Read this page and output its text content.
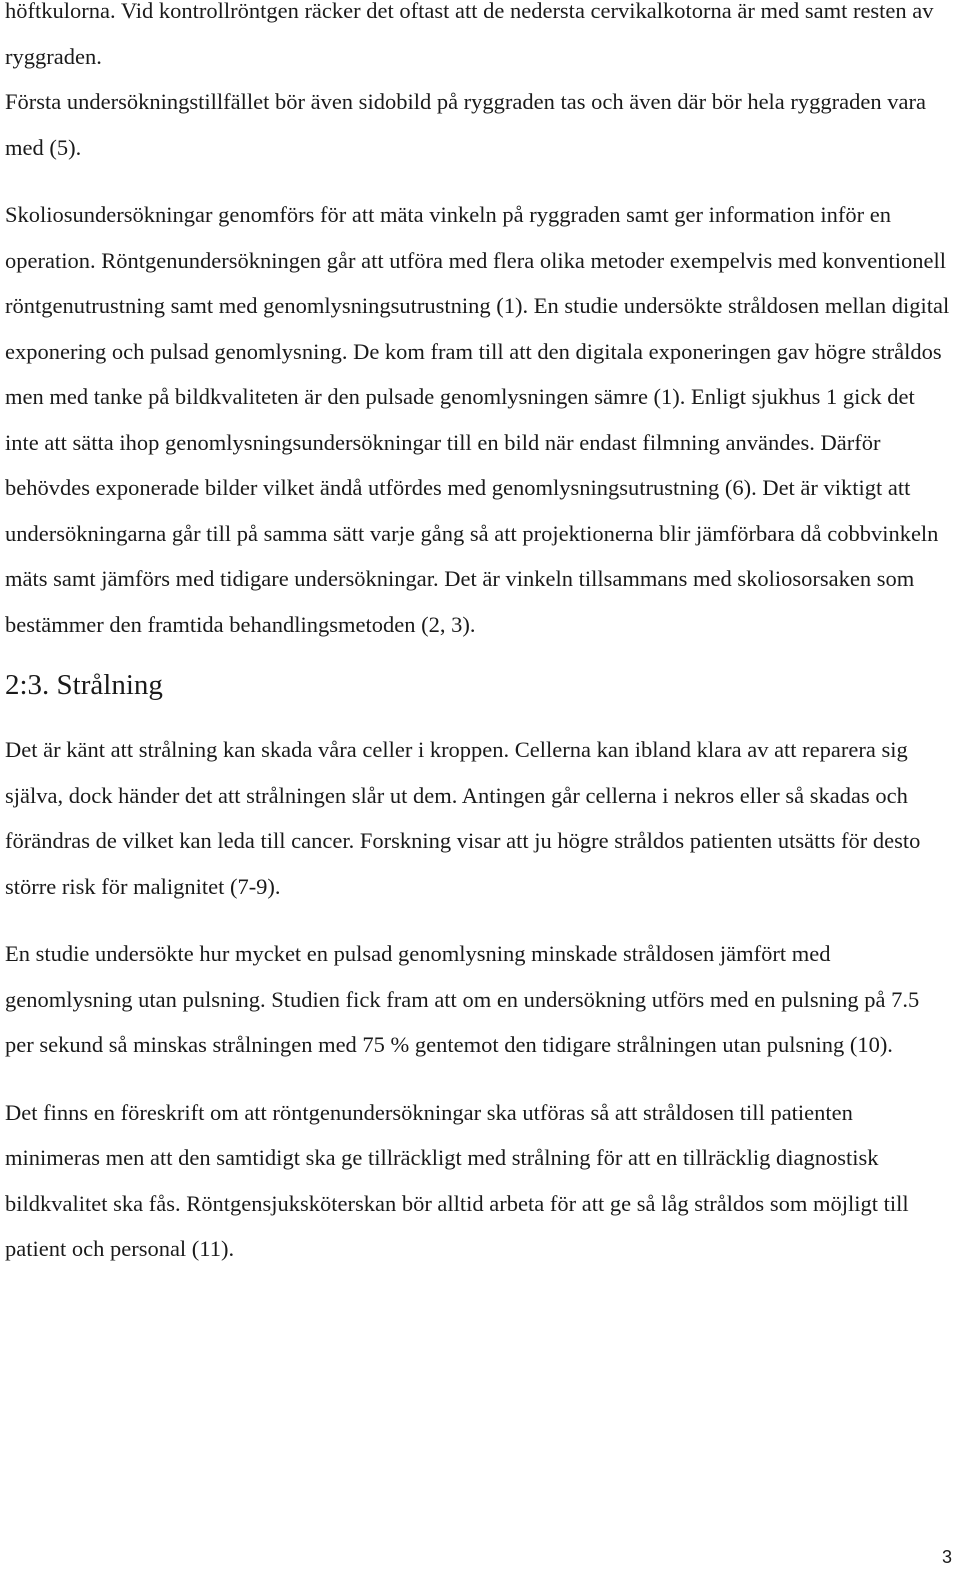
höftkulorna. Vid kontrollröntgen räcker det oftast att de nedersta cervikalkotorna är med samt resten av ryggraden.

Första undersökningstillfället bör även sidobild på ryggraden tas och även där bör hela ryggraden vara med (5).

Skoliosundersökningar genomförs för att mäta vinkeln på ryggraden samt ger information inför en operation. Röntgenundersökningen går att utföra med flera olika metoder exempelvis med konventionell röntgenutrustning samt med genomlysningsutrustning (1). En studie undersökte stråldosen mellan digital exponering och pulsad genomlysning. De kom fram till att den digitala exponeringen gav högre stråldos men med tanke på bildkvaliteten är den pulsade genomlysningen sämre (1). Enligt sjukhus 1 gick det inte att sätta ihop genomlysningsundersökningar till en bild när endast filmning användes. Därför behövdes exponerade bilder vilket ändå utfördes med genomlysningsutrustning (6). Det är viktigt att undersökningarna går till på samma sätt varje gång så att projektionerna blir jämförbara då cobbvinkeln mäts samt jämförs med tidigare undersökningar. Det är vinkeln tillsammans med skoliosorsaken som bestämmer den framtida behandlingsmetoden (2, 3).

2:3. Strålning

Det är känt att strålning kan skada våra celler i kroppen. Cellerna kan ibland klara av att reparera sig själva, dock händer det att strålningen slår ut dem. Antingen går cellerna i nekros eller så skadas och förändras de vilket kan leda till cancer. Forskning visar att ju högre stråldos patienten utsätts för desto större risk för malignitet (7-9).

En studie undersökte hur mycket en pulsad genomlysning minskade stråldosen jämfört med genomlysning utan pulsning. Studien fick fram att om en undersökning utförs med en pulsning på 7.5 per sekund så minskas strålningen med 75 % gentemot den tidigare strålningen utan pulsning (10).

Det finns en föreskrift om att röntgenundersökningar ska utföras så att stråldosen till patienten minimeras men att den samtidigt ska ge tillräckligt med strålning för att en tillräcklig diagnostisk bildkvalitet ska fås. Röntgensjuksköterskan bör alltid arbeta för att ge så låg stråldos som möjligt till patient och personal (11).

3
